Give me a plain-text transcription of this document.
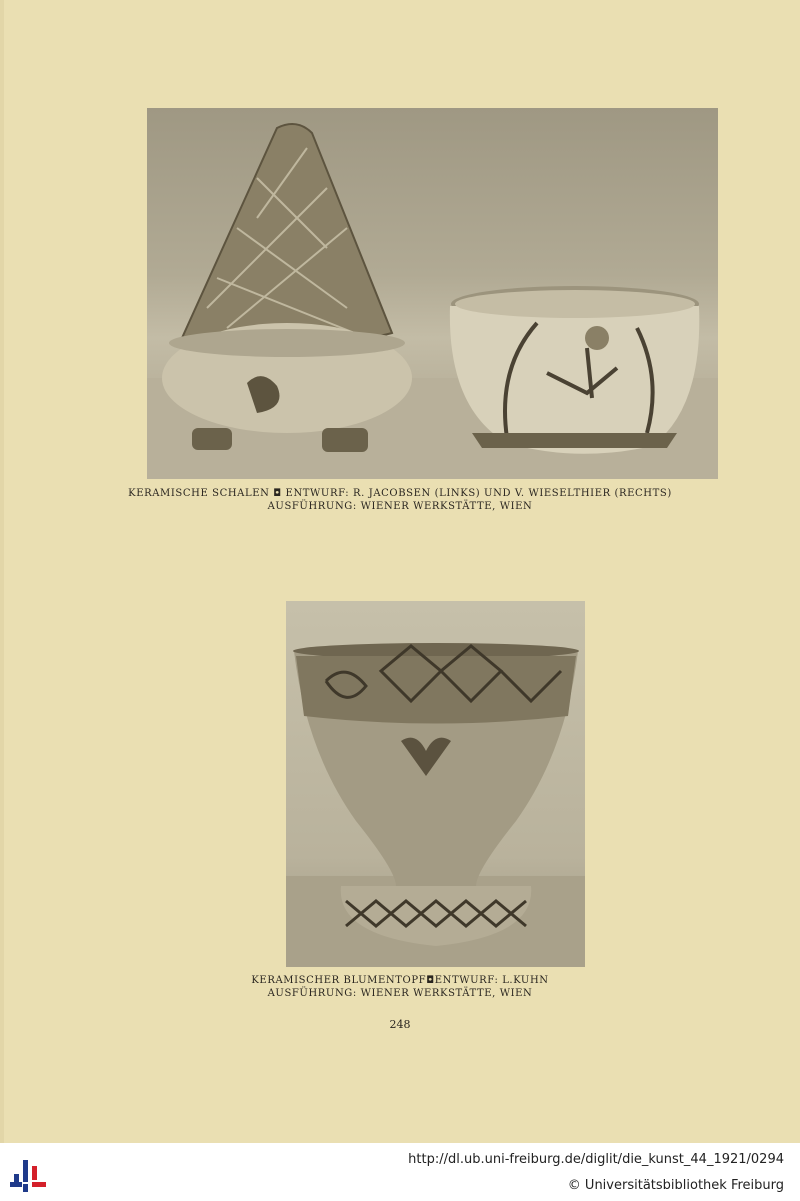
KERAMISCHE SCHALEN ◘ ENTWURF: R. JACOBSEN (LINKS) UND V. WIESELTHIER (RECHTS)
AUSFÜHRUNG: WIENER WERKSTÄTTE, WIEN
KERAMISCHER BLUMENTOPF◘ENTWURF: L.KUHN
AUSFÜHRUNG: WIENER WERKSTÄTTE, WIEN
248
http://dl.ub.uni-freiburg.de/diglit/die_kunst_44_1921/0294
© Universitätsbibliothek Freiburg
